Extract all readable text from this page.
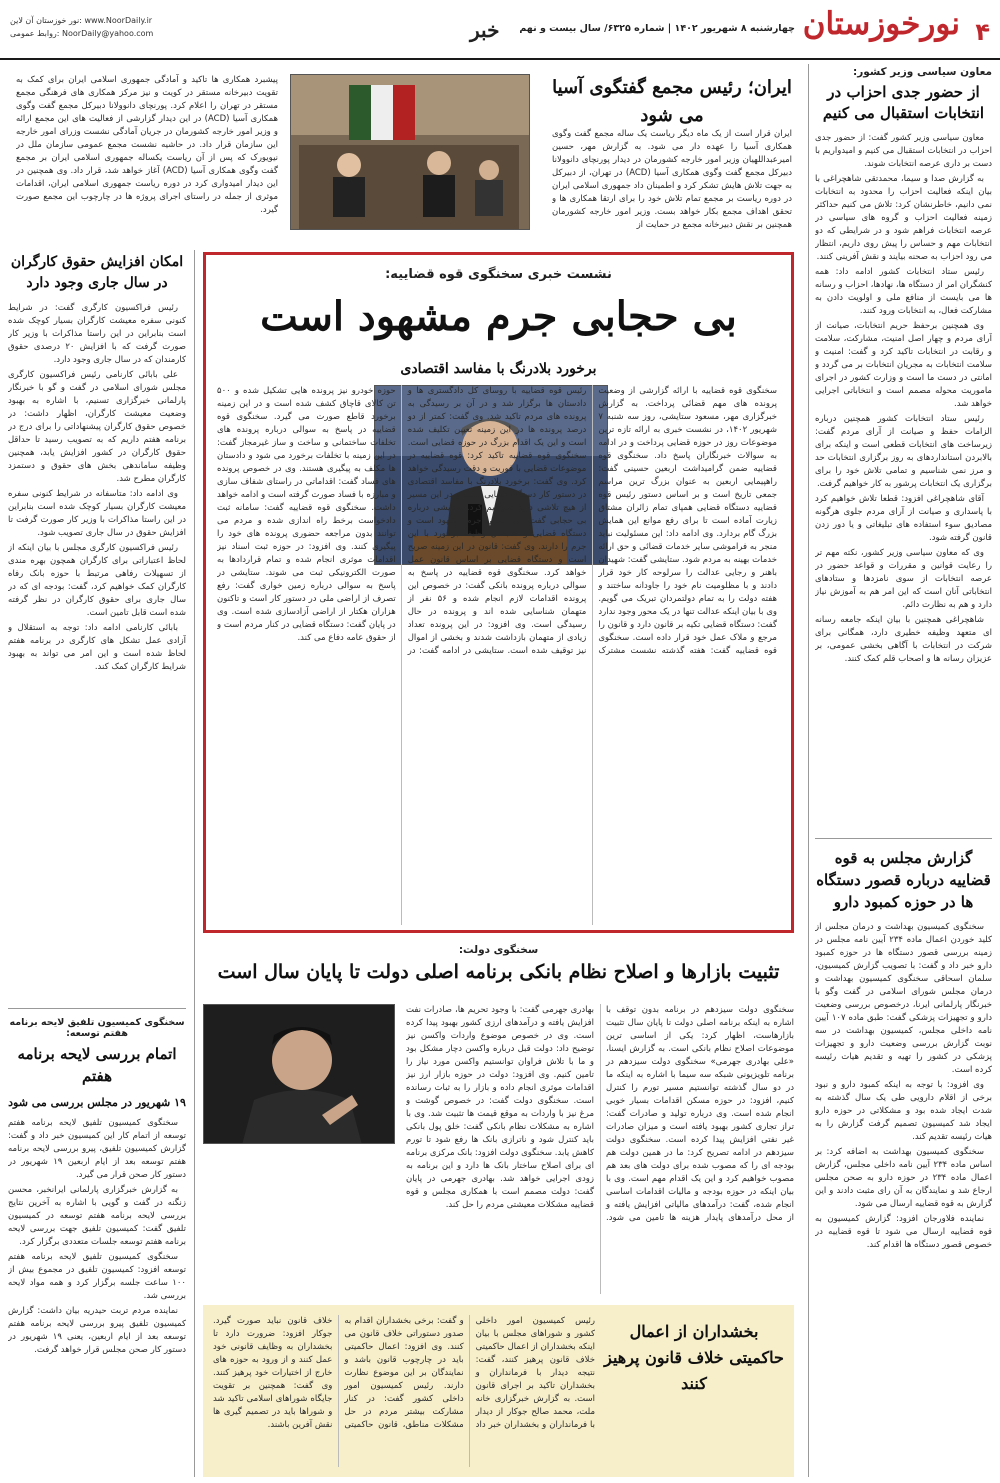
۴
نورخوزستان
چهارشنبه ۸ شهریور ۱۴۰۲ | شماره ۶۳۲۵/ سال بیست و نهم
خبر
نور خوزستان آن لاین: www.NoorDaily.ir
روابط عمومی: NoorDaily@yahoo.com
معاون سیاسی وزیر کشور:
از حضور جدی احزاب در انتخابات استقبال می کنیم

معاون سیاسی وزیر کشور گفت: از حضور جدی احزاب در انتخابات استقبال می کنیم و امیدواریم با دست بر داری عرصه انتخابات شوند.

به گزارش صدا و سیما، محمدتقی شاهچراغی با بیان اینکه فعالیت احزاب را محدود به انتخابات نمی دانیم، خاطرنشان کرد: تلاش می کنیم حداکثر زمینه فعالیت احزاب و گروه های سیاسی در عرصه انتخابات فراهم شود و در شرایطی که دو انتخابات مهم و حساس را پیش روی داریم، انتظار می رود احزاب به صحنه بیایند و نقش آفرینی کنند.

رئیس ستاد انتخابات کشور ادامه داد: همه کنشگران امر از دستگاه ها، نهادها، احزاب و رسانه ها می بایست از منافع ملی و اولویت دادن به مشارکت فعال، به انتخابات ورود کنند.

وی همچنین برحفظ حریم انتخابات، صیانت از آرای مردم و چهار اصل امنیت، مشارکت، سلامت و رقابت در انتخابات تاکید کرد و گفت: امنیت و سلامت انتخابات به مجریان انتخابات بر می گردد و امانتی در دست ما است و وزارت کشور در اجرای ماموریت محوله مصمم است و انتخاباتی اجرایی خواهد شد.

رئیس ستاد انتخابات کشور همچنین درباره الزامات حفظ و صیانت از آرای مردم گفت: زیرساخت های انتخابات قطعی است و اینکه برای بالابردن استانداردهای به روز برگزاری انتخابات حد و مرز نمی شناسیم و تمامی تلاش خود را برای برگزاری یک انتخابات پرشور به کار خواهیم گرفت.

آقای شاهچراغی افزود: قطعا تلاش خواهیم کرد با پاسداری و صیانت از آرای مردم جلوی هرگونه مصادیق سوء استفاده های تبلیغاتی و یا دور زدن قانون گرفته شود.

وی که معاون سیاسی وزیر کشور، نکته مهم تر را رعایت قوانین و مقررات و قواعد حضور در عرصه انتخابات از سوی نامزدها و ستادهای انتخاباتی آنان است که این امر هم به آموزش نیاز دارد و هم به نظارت دائم.

شاهچراغی همچنین با بیان اینکه جامعه رسانه ای متعهد وظیفه خطیری دارد، همگانی برای شرکت در انتخابات با آگاهی بخشی عمومی، بر عزیزان رسانه ها و اصحاب قلم کمک کنند.

گزارش مجلس به قوه قضاییه درباره قصور دستگاه ها در حوزه کمبود دارو

سخنگوی کمیسیون بهداشت و درمان مجلس از کلید خوردن اعمال ماده ۲۳۴ آیین نامه مجلس در زمینه بررسی قصور دستگاه ها در حوزه کمبود دارو خبر داد و گفت: با تصویب گزارش کمیسیون، سلمان اسحاقی سخنگوی کمیسیون بهداشت و درمان مجلس شورای اسلامی در گفت وگو با خبرنگار پارلمانی ایرنا، درخصوص بررسی وضعیت دارو و تجهیزات پزشکی گفت: طبق ماده ۱۰۷ آیین نامه داخلی مجلس، کمیسیون بهداشت در سه نوبت گزارش بررسی وضعیت دارو و تجهیزات پزشکی در کشور را تهیه و تقدیم هیات رئیسه کرده است.

وی افزود: با توجه به اینکه کمبود دارو و نبود برخی از اقلام دارویی طی یک سال گذشته به شدت ایجاد شده بود و مشکلاتی در حوزه دارو ایجاد شد کمیسیون تصمیم گرفت گزارش را به هیات رئیسه تقدیم کند.

سخنگوی کمیسیون بهداشت به اضافه کرد: بر اساس ماده ۲۳۴ آیین نامه داخلی مجلس، گزارش اعمال ماده ۲۳۴ در حوزه دارو به صحن مجلس ارجاع شد و نمایندگان به آن رای مثبت دادند و این گزارش به قوه قضاییه ارسال می شود.

نماینده فلاورجان افزود: گزارش کمیسیون به قوه قضاییه ارسال می شود تا قوه قضاییه در خصوص قصور دستگاه ها اقدام کند.

ایران؛ رئیس مجمع گفتگوی آسیا می شود
ایران قرار است از یک ماه دیگر ریاست یک ساله مجمع گفت وگوی همکاری آسیا را عهده دار می شود. به گزارش مهر، حسین امیرعبداللهیان وزیر امور خارجه کشورمان در دیدار پورنچای دانوولانا دبیرکل مجمع گفت وگوی همکاری آسیا (ACD) در تهران، از دبیرکل به جهت تلاش هایش تشکر کرد و اطمینان داد جمهوری اسلامی ایران در دوره ریاست بر مجمع تمام تلاش خود را برای ارتقا همکاری ها و تحقق اهداف مجمع بکار خواهد بست. وزیر امور خارجه کشورمان همچنین بر نقش دبیرخانه مجمع در حمایت از
پیشبرد همکاری ها تاکید و آمادگی جمهوری اسلامی ایران برای کمک به تقویت دبیرخانه مستقر در کویت و نیز مرکز همکاری های فرهنگی مجمع مستقر در تهران را اعلام کرد. پورنچای دانوولانا دبیرکل مجمع گفت وگوی همکاری آسیا (ACD) در این دیدار گزارشی از فعالیت های این مجمع ارائه و وزیر امور خارجه کشورمان در جریان آمادگی نشست وزرای امور خارجه این سازمان قرار داد. در حاشیه نشست مجمع عمومی سازمان ملل در نیویورک که پس از آن ریاست یکساله جمهوری اسلامی ایران بر مجمع گفت وگوی همکاری آسیا (ACD) آغاز خواهد شد، قرار داد. وی همچنین در این دیدار امیدواری کرد در دوره ریاست جمهوری اسلامی ایران، اقدامات موثری از جمله در راستای اجرای پروژه ها در چارچوب این مجمع صورت گیرد.
امکان افزایش حقوق کارگران در سال جاری وجود دارد

رئیس فراکسیون کارگری گفت: در شرایط کنونی سفره معیشت کارگران بسیار کوچک شده است بنابراین در این راستا مذاکرات با وزیر کار صورت گرفت که با افزایش ۲۰ درصدی حقوق کارمندان که در سال جاری وجود دارد.

علی بابائی کارنامی رئیس فراکسیون کارگری مجلس شورای اسلامی در گفت و گو با خبرنگار پارلمانی خبرگزاری تسنیم، با اشاره به بهبود وضعیت معیشت کارگران، اظهار داشت: در خصوص حقوق کارگران پیشنهاداتی را برای درج در برنامه هفتم داریم که به تصویب رسید تا حداقل حقوق کارگران در کشور افزایش یابد، همچنین وظیفه ساماندهی بخش های حقوق و دستمزد کارگران مطرح شد.

وی ادامه داد: متاسفانه در شرایط کنونی سفره معیشت کارگران بسیار کوچک شده است بنابراین در این راستا مذاکرات با وزیر کار صورت گرفت تا افزایش حقوق در سال جاری تصویب شود.

رئیس فراکسیون کارگری مجلس با بیان اینکه از لحاظ اعتباراتی برای کارگران همچون بهره مندی از تسهیلات رفاهی مرتبط با حوزه بانک رفاه کارگران کمک خواهیم کرد، گفت: بودجه ای که در سال جاری برای حقوق کارگران در نظر گرفته شده است قابل تامین است.

بابائی کارنامی ادامه داد: توجه به استقلال و آزادی عمل تشکل های کارگری در برنامه هفتم لحاظ شده است و این امر می تواند به بهبود شرایط کارگران کمک کند.

سخنگوی کمیسیون تلفیق لایحه برنامه هفتم توسعه:
اتمام بررسی لایحه برنامه هفتم
۱۹ شهریور در مجلس بررسی می شود

سخنگوی کمیسیون تلفیق لایحه برنامه هفتم توسعه از اتمام کار این کمیسیون خبر داد و گفت: گزارش کمیسیون تلفیق، پیرو بررسی لایحه برنامه هفتم توسعه بعد از ایام اربعین ۱۹ شهریور در دستور کار صحن قرار می گیرد.

به گزارش خبرگزاری پارلمانی ایرانخبر، محسن زنگنه در گفت و گویی با اشاره به آخرین نتایج بررسی لایحه برنامه هفتم توسعه در کمیسیون تلفیق گفت: کمیسیون تلفیق جهت بررسی لایحه برنامه هفتم توسعه جلسات متعددی برگزار کرد.

سخنگوی کمیسیون تلفیق لایحه برنامه هفتم توسعه افزود: کمیسیون تلفیق در مجموع بیش از ۱۰۰ ساعت جلسه برگزار کرد و همه مواد لایحه بررسی شد.

نماینده مردم تربت حیدریه بیان داشت: گزارش کمیسیون تلفیق پیرو بررسی لایحه برنامه هفتم توسعه بعد از ایام اربعین، یعنی ۱۹ شهریور در دستور کار صحن مجلس قرار خواهد گرفت.

نشست خبری سخنگوی قوه قضاییه:
بی حجابی جرم مشهود است
برخورد بلادرنگ با مفاسد اقتصادی
سخنگوی قوه قضاییه با ارائه گزارشی از وضعیت پرونده های مهم قضائی پرداخت. به گزارش خبرگزاری مهر، مسعود ستایشی، روز سه شنبه ۷ شهریور ۱۴۰۲، در نشست خبری به ارائه تازه ترین موضوعات روز در حوزه قضایی پرداخت و در ادامه به سوالات خبرنگاران پاسخ داد. سخنگوی قوه قضاییه ضمن گرامیداشت اربعین حسینی گفت: راهپیمایی اربعین به عنوان بزرگ ترین مراسم جمعی تاریخ است و بر اساس دستور رئیس قوه قضاییه دستگاه قضایی همپای تمام زائران مشتاق زیارت آماده است تا برای رفع موانع این همایش بزرگ گام بردارد. وی ادامه داد: این مسئولیت نباید منجر به فراموشی سایر خدمات قضائی و حق ارائه خدمات بهینه به مردم شود. ستایشی گفت: شهیدان باهنر و رجایی عدالت را سرلوحه کار خود قرار دادند و با مظلومیت نام خود را جاودانه ساختند و هفته دولت را به تمام دولتمردان تبریک می گویم. وی با بیان اینکه عدالت تنها در یک محور وجود ندارد گفت: دستگاه قضایی تکیه بر قانون دارد و قانون را مرجع و ملاک عمل خود قرار داده است. سخنگوی قوه قضاییه گفت: هفته گذشته نشست مشترک رئیس قوه قضاییه با روسای کل دادگستری ها و دادستان ها برگزار شد و در آن بر رسیدگی به پرونده های مردم تاکید شد. وی گفت: کمتر از دو درصد پرونده ها در این زمینه تعیین تکلیف شده است و این یک اقدام بزرگ در حوزه قضایی است. سخنگوی قوه قضاییه تاکید کرد: قوه قضاییه در موضوعات قضایی با فوریت و دقت رسیدگی خواهد کرد. وی گفت: برخورد بلادرنگ با مفاسد اقتصادی در دستور کار دستگاه قضایی است و در این مسیر از هیچ تلاشی دریغ نخواهیم کرد. ستایشی درباره بی حجابی گفت: بی حجابی جرم مشهود است و دستگاه قضایی و ضابطان وظیفه برخورد با این جرم را دارند. وی گفت: قانون در این زمینه صریح است و دستگاه قضایی بر اساس قانون عمل خواهد کرد. سخنگوی قوه قضاییه در پاسخ به سوالی درباره پرونده بانکی گفت: در خصوص این پرونده اقدامات لازم انجام شده و ۵۶ نفر از متهمان شناسایی شده اند و پرونده در حال رسیدگی است. وی افزود: در این پرونده تعداد زیادی از متهمان بازداشت شدند و بخشی از اموال نیز توقیف شده است. ستایشی در ادامه گفت: در حوزه خودرو نیز پرونده هایی تشکیل شده و ۵۰۰ تن کالای قاچاق کشف شده است و در این زمینه برخورد قاطع صورت می گیرد. سخنگوی قوه قضاییه در پاسخ به سوالی درباره پرونده های تخلفات ساختمانی و ساخت و ساز غیرمجاز گفت: در این زمینه با تخلفات برخورد می شود و دادستان ها مکلف به پیگیری هستند. وی در خصوص پرونده های فساد گفت: اقداماتی در راستای شفاف سازی و مبارزه با فساد صورت گرفته است و ادامه خواهد داشت. سخنگوی قوه قضاییه گفت: سامانه ثبت دادخواست برخط راه اندازی شده و مردم می توانند بدون مراجعه حضوری پرونده های خود را پیگیری کنند. وی افزود: در حوزه ثبت اسناد نیز اقدامات موثری انجام شده و تمام قراردادها به صورت الکترونیکی ثبت می شوند. ستایشی در پاسخ به سوالی درباره زمین خواری گفت: رفع تصرف از اراضی ملی در دستور کار است و تاکنون هزاران هکتار از اراضی آزادسازی شده است. وی در پایان گفت: دستگاه قضایی در کنار مردم است و از حقوق عامه دفاع می کند.
سخنگوی دولت:
تثبیت بازارها و اصلاح نظام بانکی برنامه اصلی دولت تا پایان سال است
سخنگوی دولت سیزدهم در برنامه بدون توقف با اشاره به اینکه برنامه اصلی دولت تا پایان سال تثبیت بازارهاست، اظهار کرد: یکی از اساسی ترین موضوعات اصلاح نظام بانکی است. به گزارش ایسنا، «علی بهادری جهرمی» سخنگوی دولت سیزدهم در برنامه تلویزیونی شبکه سه سیما با اشاره به اینکه ما در دو سال گذشته توانستیم مسیر تورم را کنترل کنیم، افزود: در حوزه مسکن اقدامات بسیار خوبی انجام شده است. وی درباره تولید و صادرات گفت: تراز تجاری کشور بهبود یافته است و میزان صادرات غیر نفتی افزایش پیدا کرده است. سخنگوی دولت سیزدهم در ادامه تصریح کرد: ما در همین دولت هم بودجه ای را که مصوب شده برای دولت های بعد هم مصوب خواهیم کرد و این یک اقدام مهم است. وی با بیان اینکه در حوزه بودجه و مالیات اقدامات اساسی انجام شده، گفت: درآمدهای مالیاتی افزایش یافته و از محل درآمدهای پایدار هزینه ها تامین می شود. بهادری جهرمی گفت: با وجود تحریم ها، صادرات نفت افزایش یافته و درآمدهای ارزی کشور بهبود پیدا کرده است. وی در خصوص موضوع واردات واکسن نیز توضیح داد: دولت قبل درباره واکسن دچار مشکل بود و ما با تلاش فراوان توانستیم واکسن مورد نیاز را تامین کنیم. وی افزود: دولت در حوزه بازار ارز نیز اقدامات موثری انجام داده و بازار را به ثبات رسانده است. سخنگوی دولت گفت: در خصوص گوشت و مرغ نیز با واردات به موقع قیمت ها تثبیت شد. وی با اشاره به مشکلات نظام بانکی گفت: خلق پول بانکی باید کنترل شود و ناترازی بانک ها رفع شود تا تورم کاهش یابد. سخنگوی دولت افزود: بانک مرکزی برنامه ای برای اصلاح ساختار بانک ها دارد و این برنامه به زودی اجرایی خواهد شد. بهادری جهرمی در پایان گفت: دولت مصمم است با همکاری مجلس و قوه قضاییه مشکلات معیشتی مردم را حل کند.
بخشداران از اعمال حاکمیتی خلاف قانون پرهیز کنند
رئیس کمیسیون امور داخلی کشور و شوراهای مجلس با بیان اینکه بخشداران از اعمال حاکمیتی خلاف قانون پرهیز کنند، گفت: نتیجه دیدار با فرمانداران و بخشداران تاکید بر اجرای قانون است. به گزارش خبرگزاری خانه ملت، محمد صالح جوکار از دیدار با فرمانداران و بخشداران خبر داد و گفت: برخی بخشداران اقدام به صدور دستوراتی خلاف قانون می کنند. وی افزود: اعمال حاکمیتی باید در چارچوب قانون باشد و نمایندگان بر این موضوع نظارت دارند. رئیس کمیسیون امور داخلی کشور گفت: در کنار مشارکت بیشتر مردم در حل مشکلات مناطق، قانون حاکمیتی خلاف قانون نباید صورت گیرد. جوکار افزود: ضرورت دارد تا بخشداران به وظایف قانونی خود عمل کنند و از ورود به حوزه های خارج از اختیارات خود پرهیز کنند. وی گفت: همچنین بر تقویت جایگاه شوراهای اسلامی تاکید شد و شوراها باید در تصمیم گیری ها نقش آفرین باشند.
